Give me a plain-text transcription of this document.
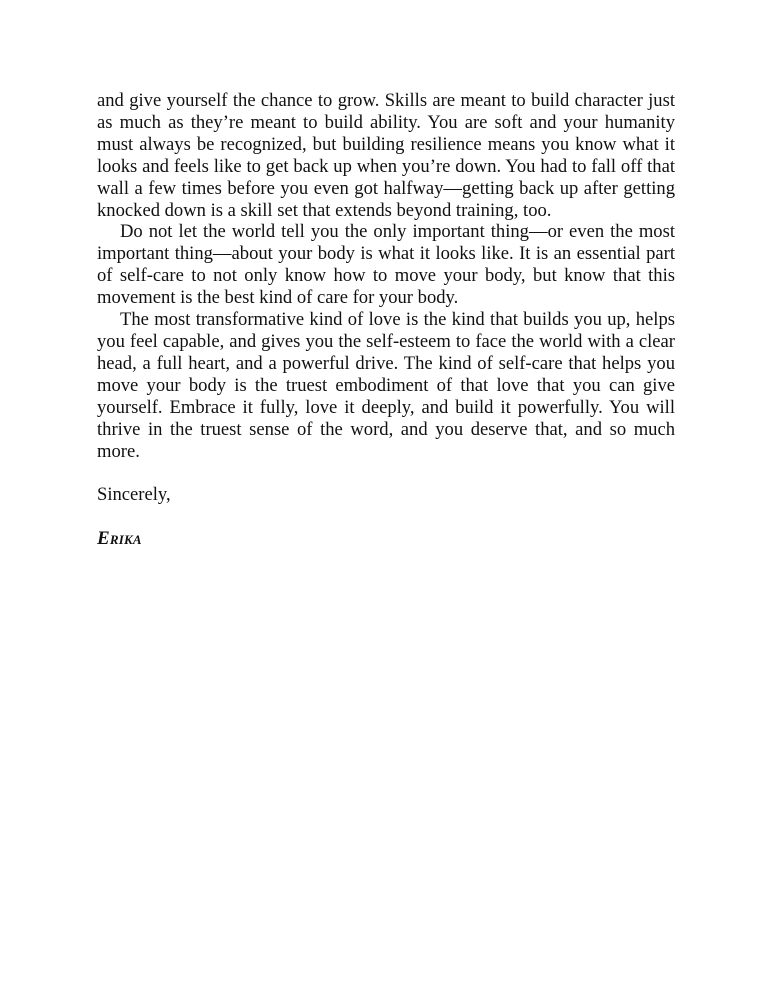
and give yourself the chance to grow. Skills are meant to build character just as much as they’re meant to build ability. You are soft and your humanity must always be recognized, but building resilience means you know what it looks and feels like to get back up when you’re down. You had to fall off that wall a few times before you even got halfway—getting back up after getting knocked down is a skill set that extends beyond training, too.

Do not let the world tell you the only important thing—or even the most important thing—about your body is what it looks like. It is an essential part of self-care to not only know how to move your body, but know that this movement is the best kind of care for your body.

The most transformative kind of love is the kind that builds you up, helps you feel capable, and gives you the self-esteem to face the world with a clear head, a full heart, and a powerful drive. The kind of self-care that helps you move your body is the truest embodiment of that love that you can give yourself. Embrace it fully, love it deeply, and build it powerfully. You will thrive in the truest sense of the word, and you deserve that, and so much more.

Sincerely,

Erika
